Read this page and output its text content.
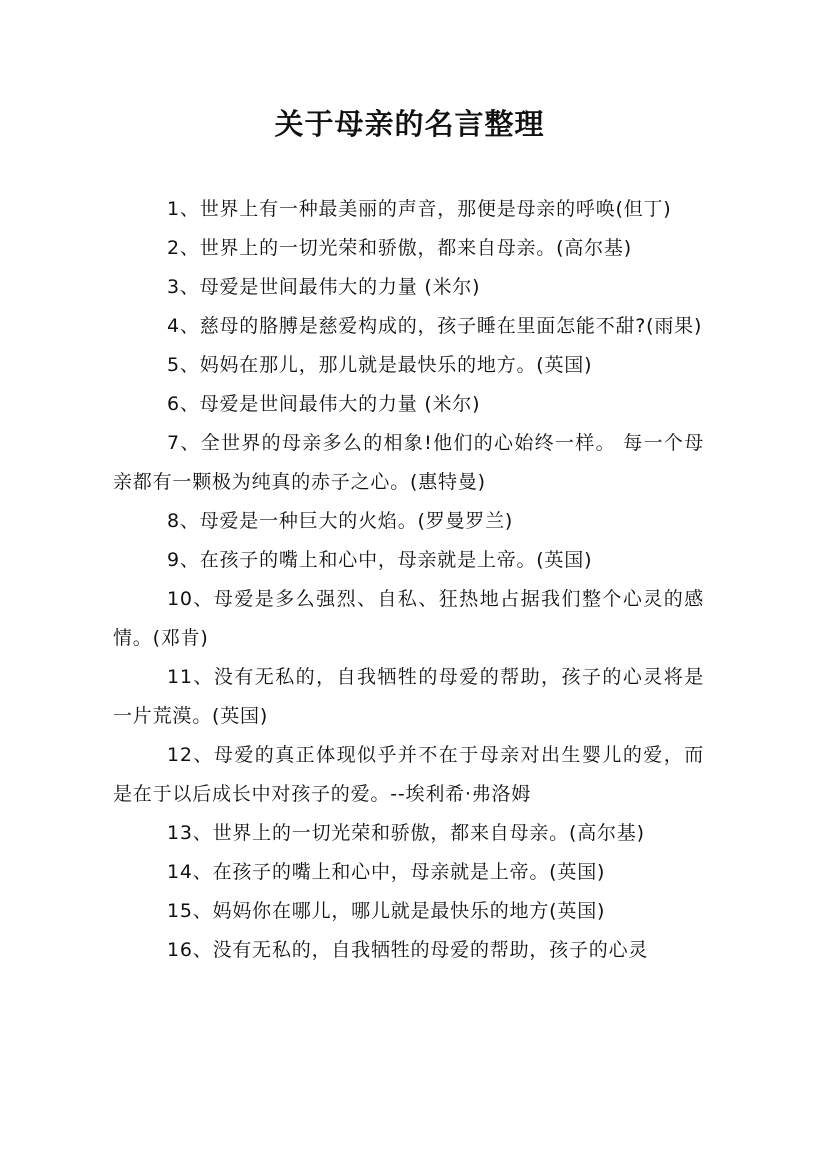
关于母亲的名言整理

1、世界上有一种最美丽的声音，那便是母亲的呼唤(但丁)

2、世界上的一切光荣和骄傲，都来自母亲。(高尔基)

3、母爱是世间最伟大的力量 (米尔)

4、慈母的胳膊是慈爱构成的，孩子睡在里面怎能不甜?(雨果)

5、妈妈在那儿，那儿就是最快乐的地方。(英国)

6、母爱是世间最伟大的力量 (米尔)

7、全世界的母亲多么的相象!他们的心始终一样。 每一个母亲都有一颗极为纯真的赤子之心。(惠特曼)

8、母爱是一种巨大的火焰。(罗曼罗兰)

9、在孩子的嘴上和心中，母亲就是上帝。(英国)

10、母爱是多么强烈、自私、狂热地占据我们整个心灵的感情。(邓肯)

11、没有无私的，自我牺牲的母爱的帮助，孩子的心灵将是一片荒漠。(英国)

12、母爱的真正体现似乎并不在于母亲对出生婴儿的爱，而是在于以后成长中对孩子的爱。--埃利希·弗洛姆

13、世界上的一切光荣和骄傲，都来自母亲。(高尔基)

14、在孩子的嘴上和心中，母亲就是上帝。(英国)

15、妈妈你在哪儿，哪儿就是最快乐的地方(英国)

16、没有无私的，自我牺牲的母爱的帮助，孩子的心灵
